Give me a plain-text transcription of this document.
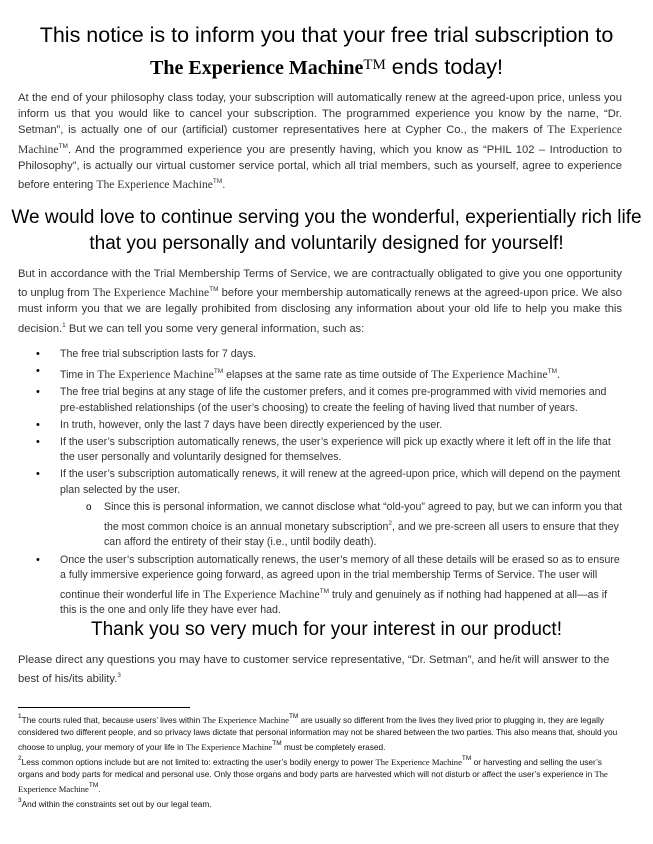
This notice is to inform you that your free trial subscription to
The Experience Machine™ ends today!

At the end of your philosophy class today, your subscription will automatically renew at the agreed-upon price, unless you inform us that you would like to cancel your subscription. The programmed experience you know by the name, “Dr. Setman”, is actually one of our (artificial) customer representatives here at Cypher Co., the makers of The Experience Machine™. And the programmed experience you are presently having, which you know as “PHIL 102 – Introduction to Philosophy”, is actually our virtual customer service portal, which all trial members, such as yourself, agree to experience before entering The Experience Machine™.

We would love to continue serving you the wonderful, experientially rich life that you personally and voluntarily designed for yourself!

But in accordance with the Trial Membership Terms of Service, we are contractually obligated to give you one opportunity to unplug from The Experience Machine™ before your membership automatically renews at the agreed-upon price. We also must inform you that we are legally prohibited from disclosing any information about your old life to help you make this decision.$^1$ But we can tell you some very general information, such as:

• The free trial subscription lasts for 7 days.
• Time in The Experience Machine™ elapses at the same rate as time outside of The Experience Machine™.
• The free trial begins at any stage of life the customer prefers, and it comes pre-programmed with vivid memories and pre-established relationships (of the user’s choosing) to create the feeling of having lived that number of years.
• In truth, however, only the last 7 days have been directly experienced by the user.
• If the user’s subscription automatically renews, the user’s experience will pick up exactly where it left off in the life that the user personally and voluntarily designed for themselves.
• If the user’s subscription automatically renews, it will renew at the agreed-upon price, which will depend on the payment plan selected by the user.
o Since this is personal information, we cannot disclose what “old-you” agreed to pay, but we can inform you that the most common choice is an annual monetary subscription$^2$, and we pre-screen all users to ensure that they can afford the entirety of their stay (i.e., until bodily death).
• Once the user’s subscription automatically renews, the user’s memory of all these details will be erased so as to ensure a fully immersive experience going forward, as agreed upon in the trial membership Terms of Service. The user will continue their wonderful life in The Experience Machine™ truly and genuinely as if nothing had happened at all—as if this is the one and only life they have ever had.
Thank you so very much for your interest in our product!

Please direct any questions you may have to customer service representative, “Dr. Setman”, and he/it will answer to the best of his/its ability.$^3$

$^1$The courts ruled that, because users’ lives within The Experience Machine™ are usually so different from the lives they lived prior to plugging in, they are legally considered two different people, and so privacy laws dictate that personal information may not be shared between the two parties. This also means that, should you choose to unplug, your memory of your life in The Experience Machine™ must be completely erased.

$^2$Less common options include but are not limited to: extracting the user’s bodily energy to power The Experience Machine™ or harvesting and selling the user’s organs and body parts for medical and personal use. Only those organs and body parts are harvested which will not disturb or affect the user’s experience in The Experience Machine™.

$^3$And within the constraints set out by our legal team.
